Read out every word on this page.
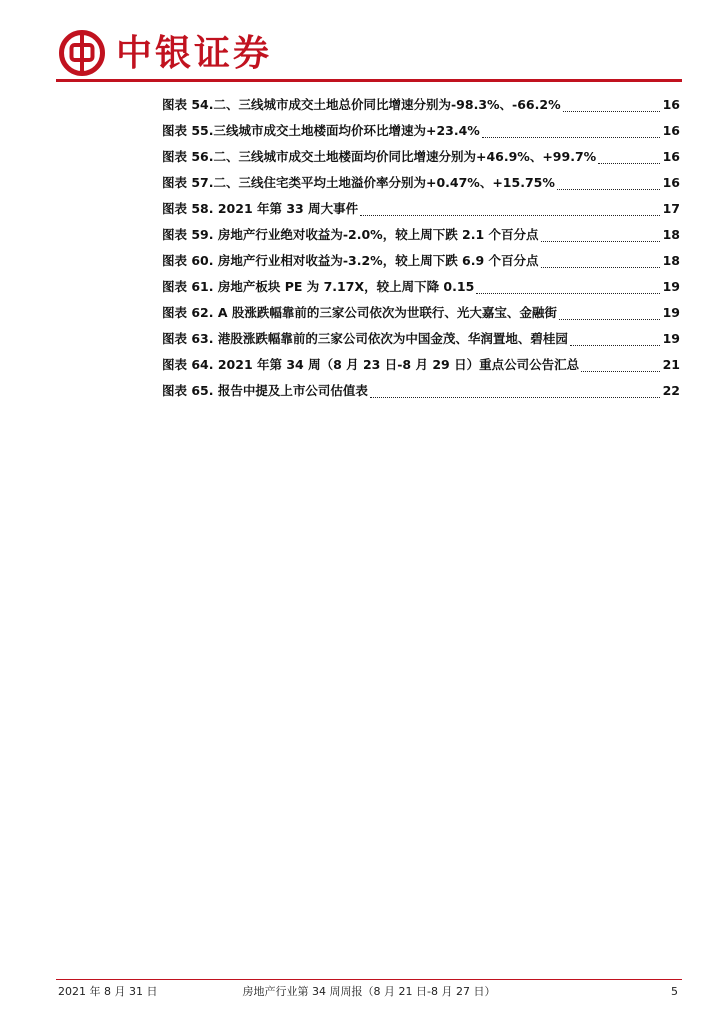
中银证券
图表 54.二、三线城市成交土地总价同比增速分别为-98.3%、-66.2%	16
图表 55.三线城市成交土地楼面均价环比增速为+23.4%	16
图表 56.二、三线城市成交土地楼面均价同比增速分别为+46.9%、+99.7%	16
图表 57.二、三线住宅类平均土地溢价率分别为+0.47%、+15.75%	16
图表 58. 2021 年第 33 周大事件	17
图表 59. 房地产行业绝对收益为-2.0%，较上周下跌 2.1 个百分点	18
图表 60. 房地产行业相对收益为-3.2%，较上周下跌 6.9 个百分点	18
图表 61. 房地产板块 PE 为 7.17X，较上周下降 0.15	19
图表 62. A 股涨跌幅靠前的三家公司依次为世联行、光大嘉宝、金融街	19
图表 63. 港股涨跌幅靠前的三家公司依次为中国金茂、华润置地、碧桂园	19
图表 64. 2021 年第 34 周（8 月 23 日-8 月 29 日）重点公司公告汇总	21
图表 65. 报告中提及上市公司估值表	22
2021 年 8 月 31 日	房地产行业第 34 周周报（8 月 21 日-8 月 27 日）	5
